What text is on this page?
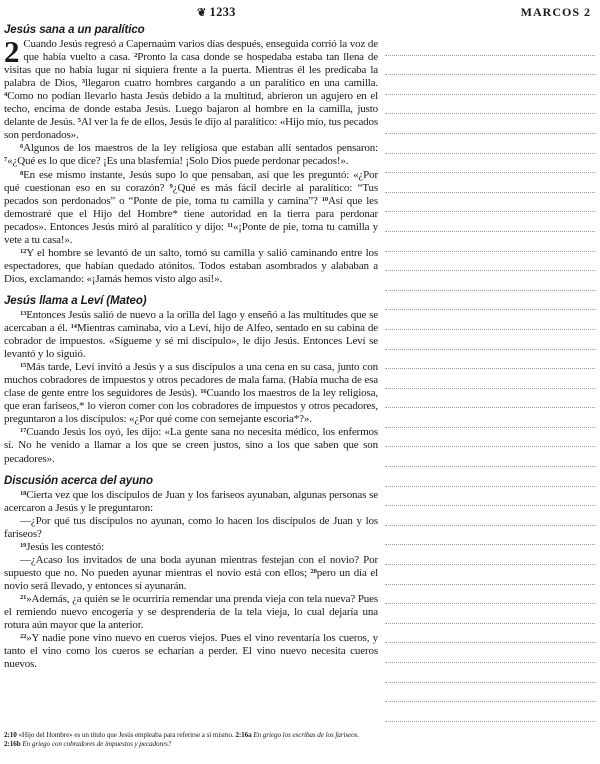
❦ 1233	MARCOS 2
Jesús sana a un paralítico

2 Cuando Jesús regresó a Capernaúm varios días después, enseguida corrió la voz de que había vuelto a casa. $^2$Pronto la casa donde se hospedaba estaba tan llena de visitas que no había lugar ni siquiera frente a la puerta. Mientras él les predicaba la palabra de Dios, $^3$llegaron cuatro hombres cargando a un paralítico en una camilla. $^4$Como no podían llevarlo hasta Jesús debido a la multitud, abrieron un agujero en el techo, encima de donde estaba Jesús. Luego bajaron al hombre en la camilla, justo delante de Jesús. $^5$Al ver la fe de ellos, Jesús le dijo al paralítico: «Hijo mío, tus pecados son perdonados».

$^6$Algunos de los maestros de la ley religiosa que estaban allí sentados pensaron: $^7$«¿Qué es lo que dice? ¡Es una blasfemia! ¡Solo Dios puede perdonar pecados!».

$^8$En ese mismo instante, Jesús supo lo que pensaban, así que les preguntó: «¿Por qué cuestionan eso en su corazón? $^9$¿Qué es más fácil decirle al paralítico: “Tus pecados son perdonados” o “Ponte de pie, toma tu camilla y camina”? $^{10}$Así que les demostraré que el Hijo del Hombre* tiene autoridad en la tierra para perdonar pecados». Entonces Jesús miró al paralítico y dijo: $^{11}$«¡Ponte de pie, toma tu camilla y vete a tu casa!».

$^{12}$Y el hombre se levantó de un salto, tomó su camilla y salió caminando entre los espectadores, que habían quedado atónitos. Todos estaban asombrados y alababan a Dios, exclamando: «¡Jamás hemos visto algo así!».

Jesús llama a Leví (Mateo)

$^{13}$Entonces Jesús salió de nuevo a la orilla del lago y enseñó a las multitudes que se acercaban a él. $^{14}$Mientras caminaba, vio a Leví, hijo de Alfeo, sentado en su cabina de cobrador de impuestos. «Sígueme y sé mi discípulo», le dijo Jesús. Entonces Leví se levantó y lo siguió.

$^{15}$Más tarde, Leví invitó a Jesús y a sus discípulos a una cena en su casa, junto con muchos cobradores de impuestos y otros pecadores de mala fama. (Había mucha de esa clase de gente entre los seguidores de Jesús). $^{16}$Cuando los maestros de la ley religiosa, que eran fariseos,* lo vieron comer con los cobradores de impuestos y otros pecadores, preguntaron a los discípulos: «¿Por qué come con semejante escoria*?».

$^{17}$Cuando Jesús los oyó, les dijo: «La gente sana no necesita médico, los enfermos sí. No he venido a llamar a los que se creen justos, sino a los que saben que son pecadores».

Discusión acerca del ayuno

$^{18}$Cierta vez que los discípulos de Juan y los fariseos ayunaban, algunas personas se acercaron a Jesús y le preguntaron:

—¿Por qué tus discípulos no ayunan, como lo hacen los discípulos de Juan y los fariseos?

$^{19}$Jesús les contestó:

—¿Acaso los invitados de una boda ayunan mientras festejan con el novio? Por supuesto que no. No pueden ayunar mientras el novio está con ellos; $^{20}$pero un día el novio será llevado, y entonces sí ayunarán.

$^{21}$»Además, ¿a quién se le ocurriría remendar una prenda vieja con tela nueva? Pues el remiendo nuevo encogería y se desprendería de la tela vieja, lo cual dejaría una rotura aún mayor que la anterior.

$^{22}$»Y nadie pone vino nuevo en cueros viejos. Pues el vino reventaría los cueros, y tanto el vino como los cueros se echarían a perder. El vino nuevo necesita cueros nuevos.

2:10 «Hijo del Hombre» es un título que Jesús empleaba para referirse a sí mismo. 2:16a En griego los escribas de los fariseos.
2:16b En griego con cobradores de impuestos y pecadores?
